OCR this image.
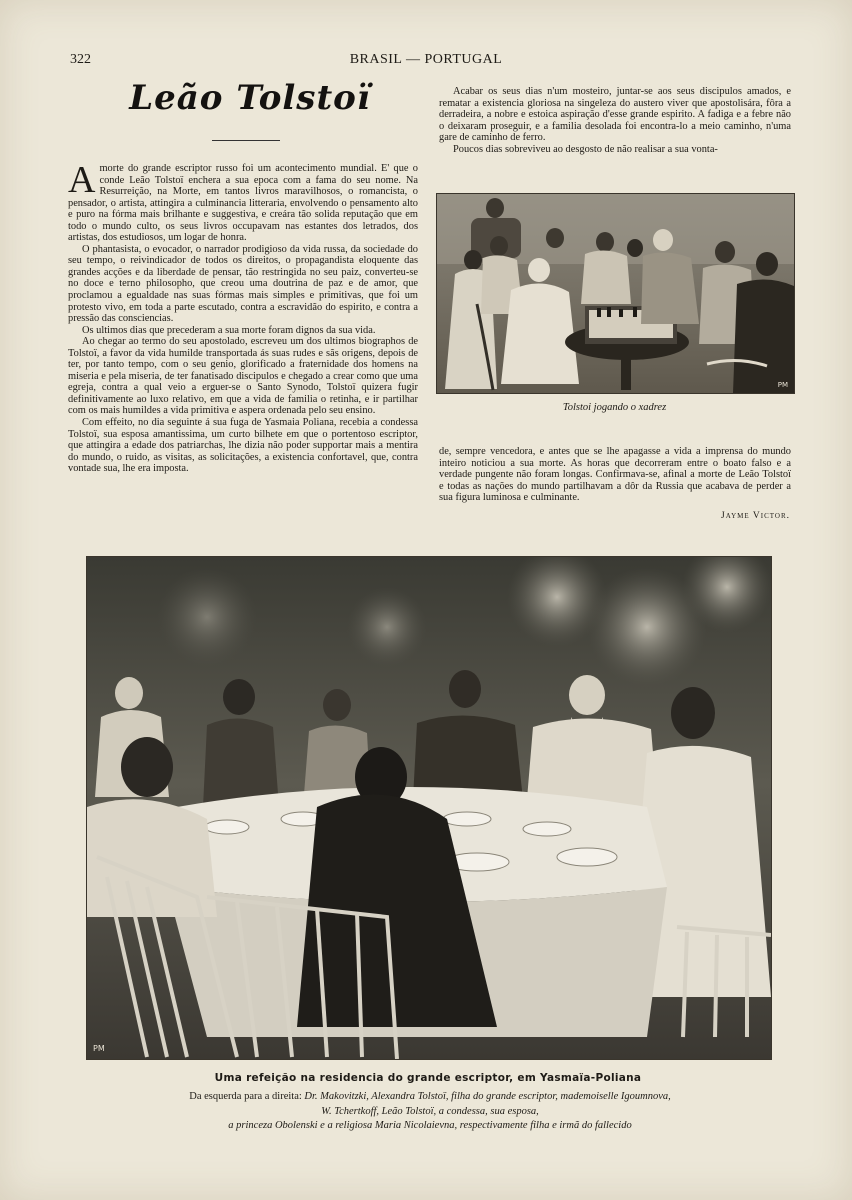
322	BRASIL — PORTUGAL
Leão Tolstoï

Amorte do grande escriptor russo foi um acontecimento mundial. E' que o conde Leão Tolstoï enchera a sua epoca com a fama do seu nome. Na Resurreição, na Morte, em tantos livros maravilhosos, o romancista, o pensador, o artista, attingira a culminancia litteraria, envolvendo o pensamento alto e puro na fórma mais brilhante e suggestiva, e creára tão solida reputação que em todo o mundo culto, os seus livros occupavam nas estantes dos letrados, dos artistas, dos estudiosos, um logar de honra.

O phantasista, o evocador, o narrador prodigioso da vida russa, da sociedade do seu tempo, o reivindicador de todos os direitos, o propagandista eloquente das grandes acções e da liberdade de pensar, tão restringida no seu paiz, converteu-se no doce e terno philosopho, que creou uma doutrina de paz e de amor, que proclamou a egualdade nas suas fórmas mais simples e primitivas, que foi um protesto vivo, em toda a parte escutado, contra a escravidão do espirito, e contra a pressão das consciencias.

Os ultimos dias que precederam a sua morte foram dignos da sua vida.

Ao chegar ao termo do seu apostolado, escreveu um dos ultimos biographos de Tolstoï, a favor da vida humilde transportada ás suas rudes e sãs origens, depois de ter, por tanto tempo, com o seu genio, glorificado a fraternidade dos homens na miseria e pela miseria, de ter fanatisado discipulos e chegado a crear como que uma egreja, contra a qual veio a erguer-se o Santo Synodo, Tolstoï quizera fugir definitivamente ao luxo relativo, em que a vida de familia o retinha, e ir partilhar com os mais humildes a vida primitiva e aspera ordenada pelo seu ensino.

Com effeito, no dia seguinte á sua fuga de Yasmaia Poliana, recebia a condessa Tolstoï, sua esposa amantissima, um curto bilhete em que o portentoso escriptor, que attingira a edade dos patriarchas, lhe dizia não poder supportar mais a mentira do mundo, o ruido, as visitas, as solicitações, a existencia confortavel, que, contra vontade sua, lhe era imposta.

Acabar os seus dias n'um mosteiro, juntar-se aos seus discipulos amados, e rematar a existencia gloriosa na singeleza do austero viver que apostolisára, fôra a derradeira, a nobre e estoica aspiração d'esse grande espirito. A fadiga e a febre não o deixaram proseguir, e a familia desolada foi encontra-lo a meio caminho, n'uma gare de caminho de ferro.

Poucos dias sobreviveu ao desgosto de não realisar a sua vonta-

PM
Tolstoi jogando o xadrez

de, sempre vencedora, e antes que se lhe apagasse a vida a imprensa do mundo inteiro noticiou a sua morte. As horas que decorreram entre o boato falso e a verdade pungente não foram longas. Confirmava-se, afinal a morte de Leão Tolstoï e todas as nações do mundo partilhavam a dôr da Russia que acabava de perder a sua figura luminosa e culminante.

Jayme Victor.
PM
Uma refeição na residencia do grande escriptor, em Yasmaïa-Poliana
Da esquerda para a direita: Dr. Makovitzki, Alexandra Tolstoï, filha do grande escriptor, mademoiselle Igoumnova,
W. Tchertkoff, Leão Tolstoï, a condessa, sua esposa,
a princeza Obolenski e a religiosa Maria Nicolaievna, respectivamente filha e irmã do fallecido
